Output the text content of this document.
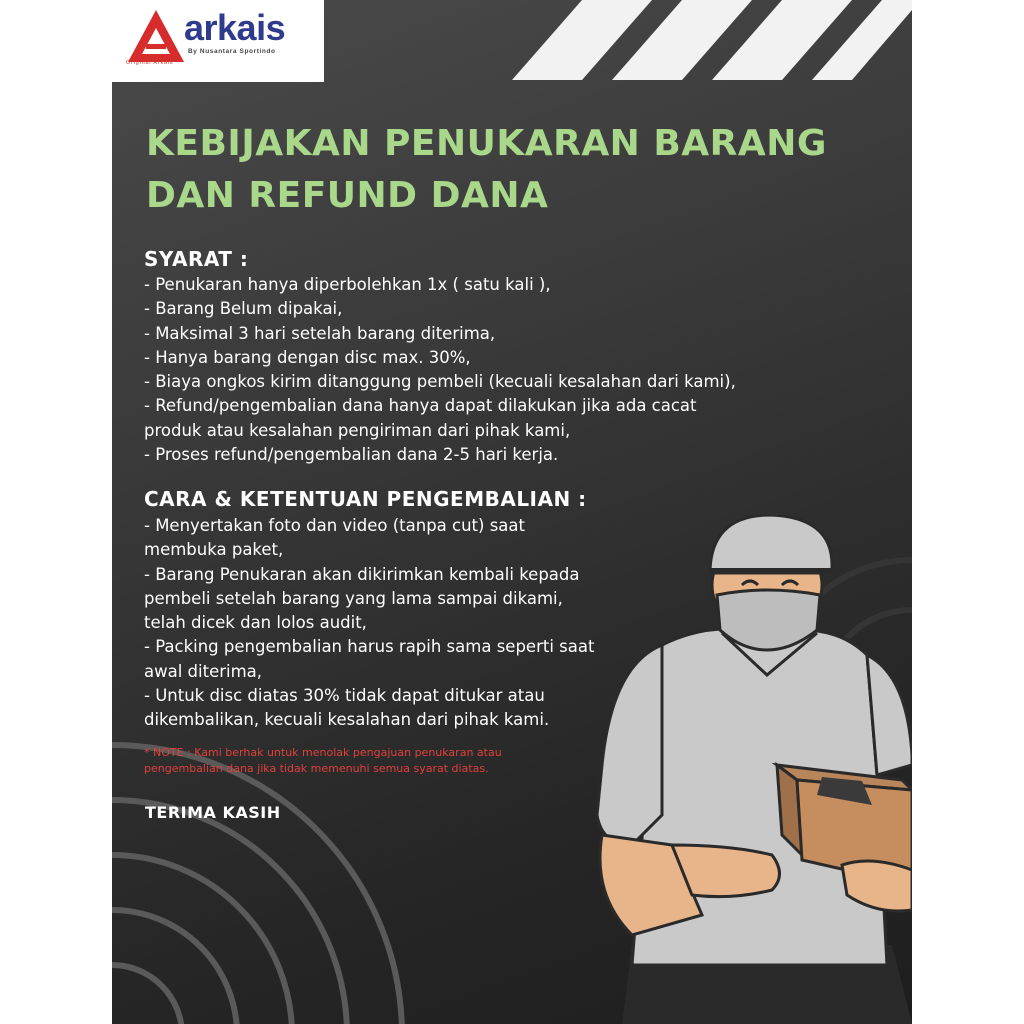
arkais
By Nusantara Sportindo
Original Arkais
KEBIJAKAN PENUKARAN BARANG
DAN REFUND DANA
SYARAT :
- Penukaran hanya diperbolehkan 1x ( satu kali ),
- Barang Belum dipakai,
- Maksimal 3 hari setelah barang diterima,
- Hanya barang dengan disc max. 30%,
- Biaya ongkos kirim ditanggung pembeli (kecuali kesalahan dari kami),
- Refund/pengembalian dana hanya dapat dilakukan jika ada cacat
produk atau kesalahan pengiriman dari pihak kami,
- Proses refund/pengembalian dana 2-5 hari kerja.
CARA & KETENTUAN PENGEMBALIAN :
- Menyertakan foto dan video (tanpa cut) saat
membuka paket,
- Barang Penukaran akan dikirimkan kembali kepada
pembeli setelah barang yang lama sampai dikami,
telah dicek dan lolos audit,
- Packing pengembalian harus rapih sama seperti saat
awal diterima,
- Untuk disc diatas 30% tidak dapat ditukar atau
dikembalikan, kecuali kesalahan dari pihak kami.
* NOTE : Kami berhak untuk menolak pengajuan penukaran atau
pengembalian dana jika tidak memenuhi semua syarat diatas.
TERIMA KASIH
